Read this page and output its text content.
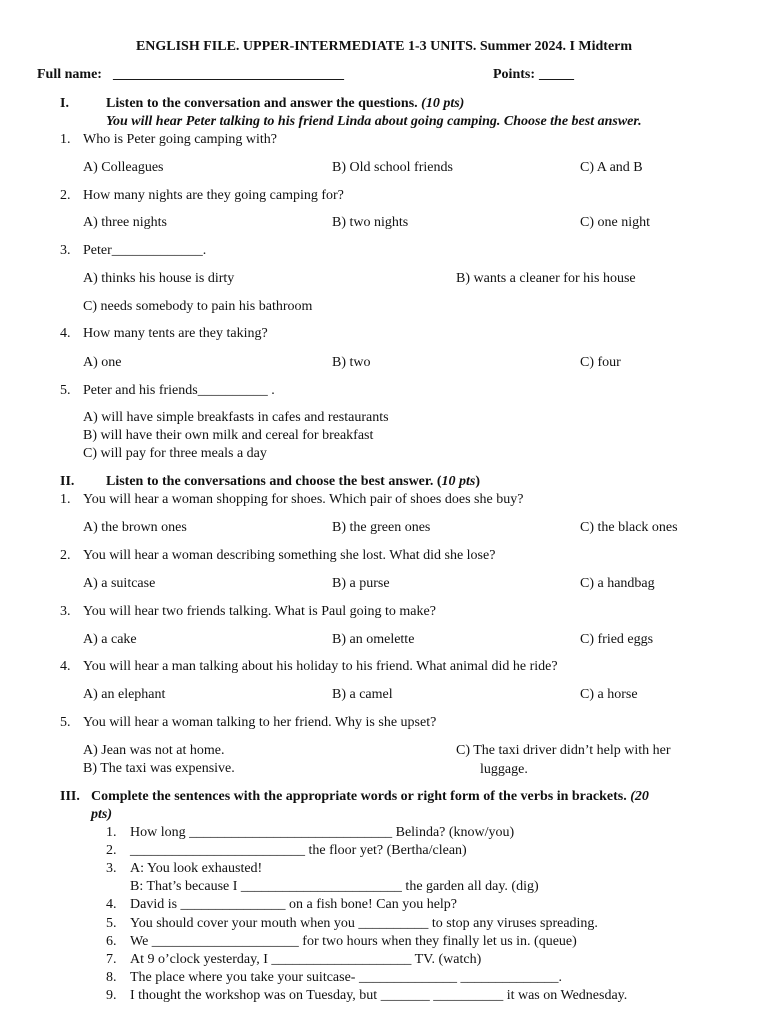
ENGLISH FILE. UPPER-INTERMEDIATE 1-3 UNITS. Summer 2024. I Midterm
Full name: _________________________________	Points: _____
I.	Listen to the conversation and answer the questions. (10 pts)
You will hear Peter talking to his friend Linda about going camping. Choose the best answer.
1. Who is Peter going camping with?
A) Colleagues	B) Old school friends	C) A and B
2. How many nights are they going camping for?
A) three nights	B) two nights	C) one night
3. Peter_____________.
A) thinks his house is dirty	B) wants a cleaner for his house
C) needs somebody to pain his bathroom
4. How many tents are they taking?
A) one	B) two	C) four
5. Peter and his friends__________ .
A) will have simple breakfasts in cafes and restaurants
B) will have their own milk and cereal for breakfast
C) will pay for three meals a day
II. Listen to the conversations and choose the best answer. (10 pts)
1. You will hear a woman shopping for shoes. Which pair of shoes does she buy?
A) the brown ones	B) the green ones	C) the black ones
2. You will hear a woman describing something she lost. What did she lose?
A) a suitcase	B) a purse	C) a handbag
3. You will hear two friends talking. What is Paul going to make?
A) a cake	B) an omelette	C) fried eggs
4. You will hear a man talking about his holiday to his friend. What animal did he ride?
A) an elephant	B) a camel	C) a horse
5. You will hear a woman talking to her friend. Why is she upset?
A) Jean was not at home.
B) The taxi was expensive.
C) The taxi driver didn’t help with her
luggage.
III. Complete the sentences with the appropriate words or right form of the verbs in brackets. (20
pts)
1. How long _____________________________ Belinda? (know/you)
2. _________________________ the floor yet? (Bertha/clean)
3. A: You look exhausted!
B: That’s because I _______________________ the garden all day. (dig)
4. David is _______________ on a fish bone! Can you help?
5. You should cover your mouth when you __________ to stop any viruses spreading.
6. We _____________________ for two hours when they finally let us in. (queue)
7. At 9 o’clock yesterday, I ____________________ TV. (watch)
8. The place where you take your suitcase- ______________ ______________.
9. I thought the workshop was on Tuesday, but _______ __________ it was on Wednesday.
